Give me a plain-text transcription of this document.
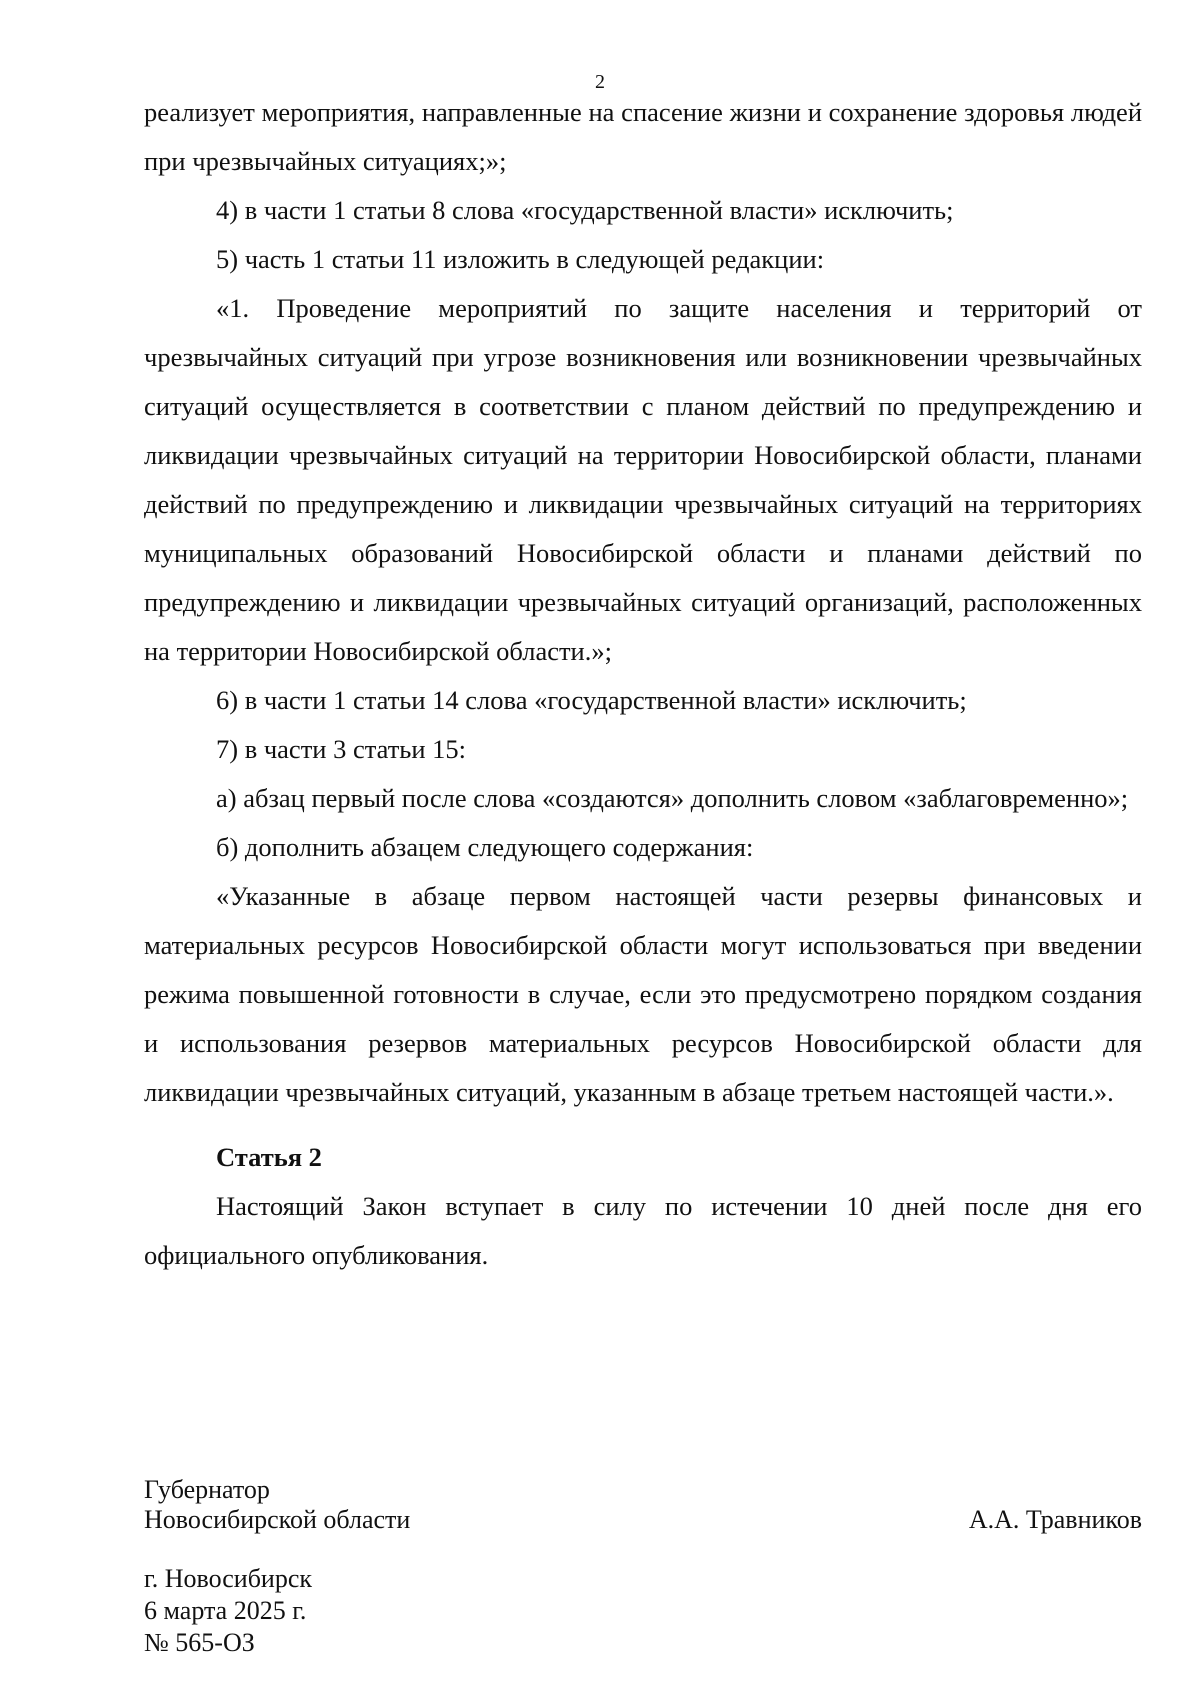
2

реализует мероприятия, направленные на спасение жизни и сохранение здоровья людей при чрезвычайных ситуациях;»;

4) в части 1 статьи 8 слова «государственной власти» исключить;

5) часть 1 статьи 11 изложить в следующей редакции:

«1. Проведение мероприятий по защите населения и территорий от чрезвычайных ситуаций при угрозе возникновения или возникновении чрезвычайных ситуаций осуществляется в соответствии с планом действий по предупреждению и ликвидации чрезвычайных ситуаций на территории Новосибирской области, планами действий по предупреждению и ликвидации чрезвычайных ситуаций на территориях муниципальных образований Новосибирской области и планами действий по предупреждению и ликвидации чрезвычайных ситуаций организаций, расположенных на территории Новосибирской области.»;

6) в части 1 статьи 14 слова «государственной власти» исключить;

7) в части 3 статьи 15:

а) абзац первый после слова «создаются» дополнить словом «заблаговременно»;

б) дополнить абзацем следующего содержания:

«Указанные в абзаце первом настоящей части резервы финансовых и материальных ресурсов Новосибирской области могут использоваться при введении режима повышенной готовности в случае, если это предусмотрено порядком создания и использования резервов материальных ресурсов Новосибирской области для ликвидации чрезвычайных ситуаций, указанным в абзаце третьем настоящей части.».

Статья 2

Настоящий Закон вступает в силу по истечении 10 дней после дня его официального опубликования.

Губернатор
Новосибирской области	А.А. Травников
г. Новосибирск
6 марта 2025 г.
№ 565-ОЗ
